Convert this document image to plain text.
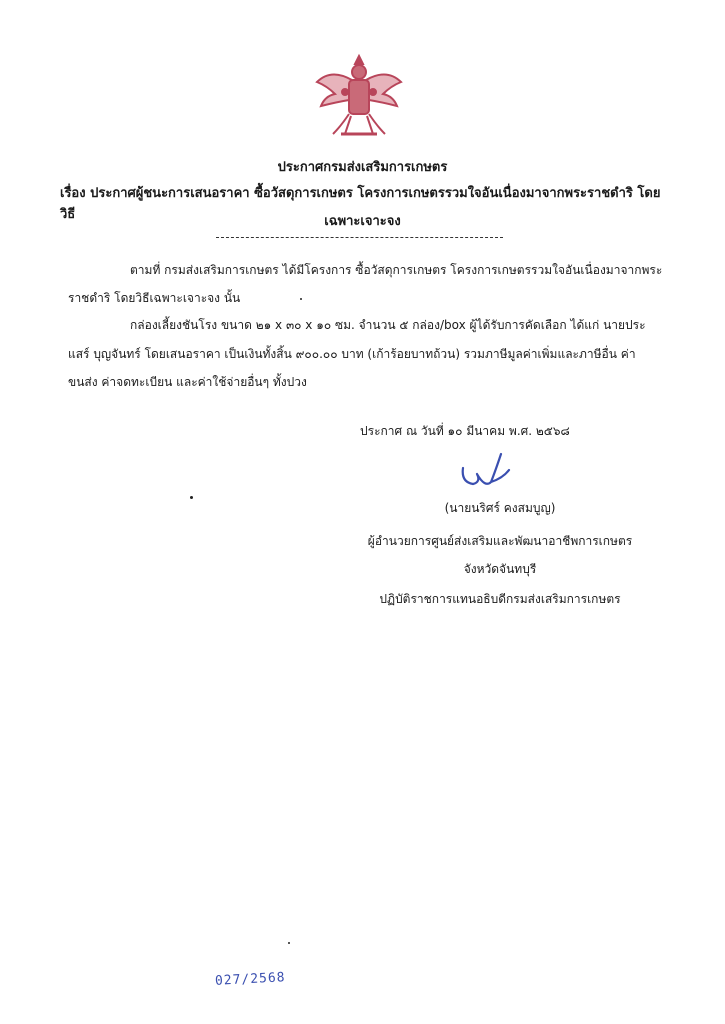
ประกาศกรมส่งเสริมการเกษตร
เรื่อง ประกาศผู้ชนะการเสนอราคา ซื้อวัสดุการเกษตร โครงการเกษตรรวมใจอันเนื่องมาจากพระราชดำริ โดยวิธี	เฉพาะเจาะจง
ตามที่ กรมส่งเสริมการเกษตร ได้มีโครงการ ซื้อวัสดุการเกษตร โครงการเกษตรรวมใจอันเนื่องมาจากพระ
ราชดำริ โดยวิธีเฉพาะเจาะจง นั้น
กล่องเลี้ยงชันโรง ขนาด ๒๑ x ๓๐ x ๑๐ ซม. จำนวน ๕ กล่อง/box ผู้ได้รับการคัดเลือก ได้แก่ นายประ
แสร์ บุญจันทร์ โดยเสนอราคา เป็นเงินทั้งสิ้น ๙๐๐.๐๐ บาท (เก้าร้อยบาทถ้วน) รวมภาษีมูลค่าเพิ่มและภาษีอื่น ค่า
ขนส่ง ค่าจดทะเบียน และค่าใช้จ่ายอื่นๆ ทั้งปวง
ประกาศ ณ วันที่ ๑๐ มีนาคม พ.ศ. ๒๕๖๘
(นายนริศร์ คงสมบูญ)
ผู้อำนวยการศูนย์ส่งเสริมและพัฒนาอาชีพการเกษตร
จังหวัดจันทบุรี
ปฏิบัติราชการแทนอธิบดีกรมส่งเสริมการเกษตร
027/2568
